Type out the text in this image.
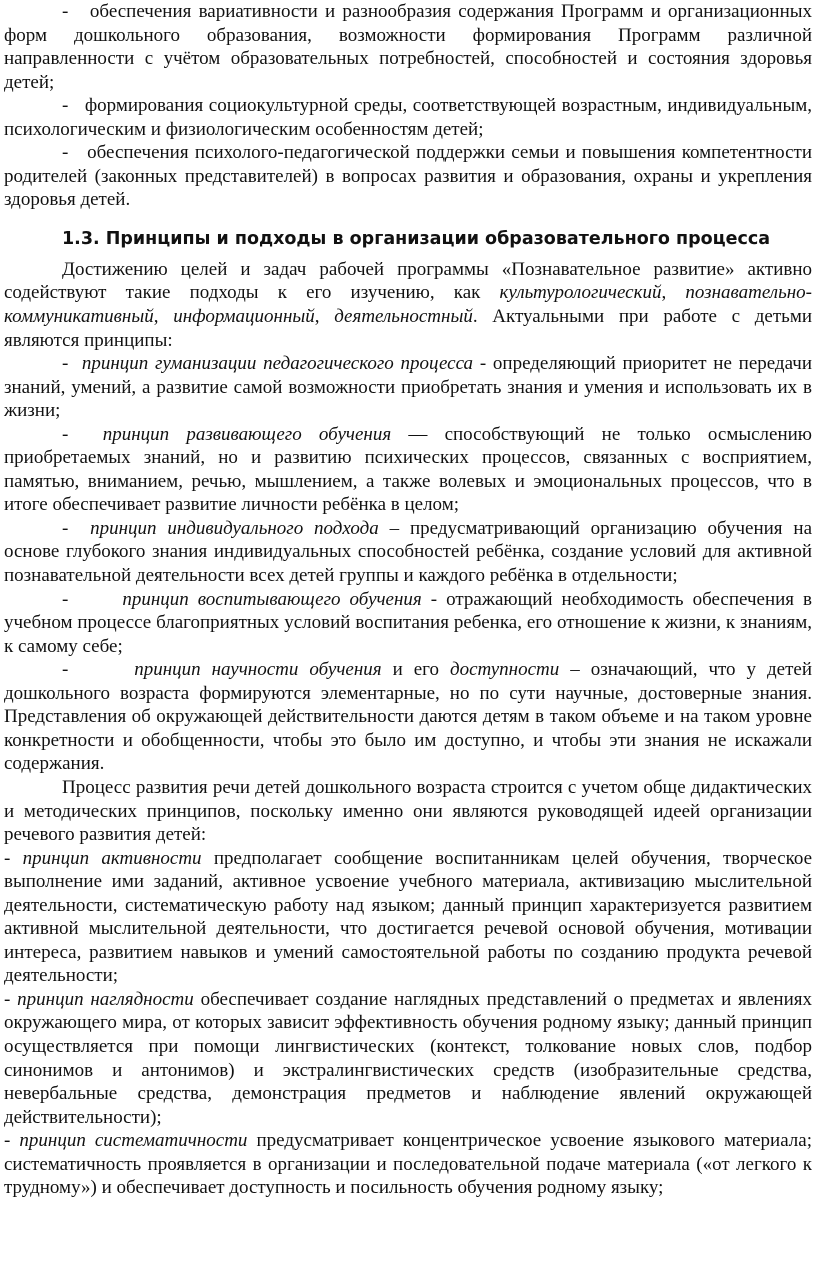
- обеспечения вариативности и разнообразия содержания Программ и организационных форм дошкольного образования, возможности формирования Программ различной направленности с учётом образовательных потребностей, способностей и состояния здоровья детей;

- формирования социокультурной среды, соответствующей возрастным, индивидуальным, психологическим и физиологическим особенностям детей;

- обеспечения психолого-педагогической поддержки семьи и повышения компетентности родителей (законных представителей) в вопросах развития и образования, охраны и укрепления здоровья детей.

1.3. Принципы и подходы в организации образовательного процесса

Достижению целей и задач рабочей программы «Познавательное развитие» активно содействуют такие подходы к его изучению, как культурологический, познавательно-коммуникативный, информационный, деятельностный. Актуальными при работе с детьми являются принципы:

- принцип гуманизации педагогического процесса - определяющий приоритет не передачи знаний, умений, а развитие самой возможности приобретать знания и умения и использовать их в жизни;

- принцип развивающего обучения — способствующий не только осмыслению приобретаемых знаний, но и развитию психических процессов, связанных с восприятием, памятью, вниманием, речью, мышлением, а также волевых и эмоциональных процессов, что в итоге обеспечивает развитие личности ребёнка в целом;

- принцип индивидуального подхода – предусматривающий организацию обучения на основе глубокого знания индивидуальных способностей ребёнка, создание условий для активной познавательной деятельности всех детей группы и каждого ребёнка в отдельности;

-	принцип воспитывающего обучения - отражающий необходимость обеспечения в учебном процессе благоприятных условий воспитания ребенка, его отношение к жизни, к знаниям, к самому себе;

-	принцип научности обучения и его доступности – означающий, что у детей дошкольного возраста формируются элементарные, но по сути научные, достоверные знания. Представления об окружающей действительности даются детям в таком объеме и на таком уровне конкретности и обобщенности, чтобы это было им доступно, и чтобы эти знания не искажали содержания.

Процесс развития речи детей дошкольного возраста строится с учетом обще дидактических и методических принципов, поскольку именно они являются руководящей идеей организации речевого развития детей:

- принцип активности предполагает сообщение воспитанникам целей обучения, творческое выполнение ими заданий, активное усвоение учебного материала, активизацию мыслительной деятельности, систематическую работу над языком; данный принцип характеризуется развитием активной мыслительной деятельности, что достигается речевой основой обучения, мотивации интереса, развитием навыков и умений самостоятельной работы по созданию продукта речевой деятельности;

- принцип наглядности обеспечивает создание наглядных представлений о предметах и явлениях окружающего мира, от которых зависит эффективность обучения родному языку; данный принцип осуществляется при помощи лингвистических (контекст, толкование новых слов, подбор синонимов и антонимов) и экстралингвистических средств (изобразительные средства, невербальные средства, демонстрация предметов и наблюдение явлений окружающей действительности);

- принцип систематичности предусматривает концентрическое усвоение языкового материала; систематичность проявляется в организации и последовательной подаче материала («от легкого к трудному») и обеспечивает доступность и посильность обучения родному языку;
